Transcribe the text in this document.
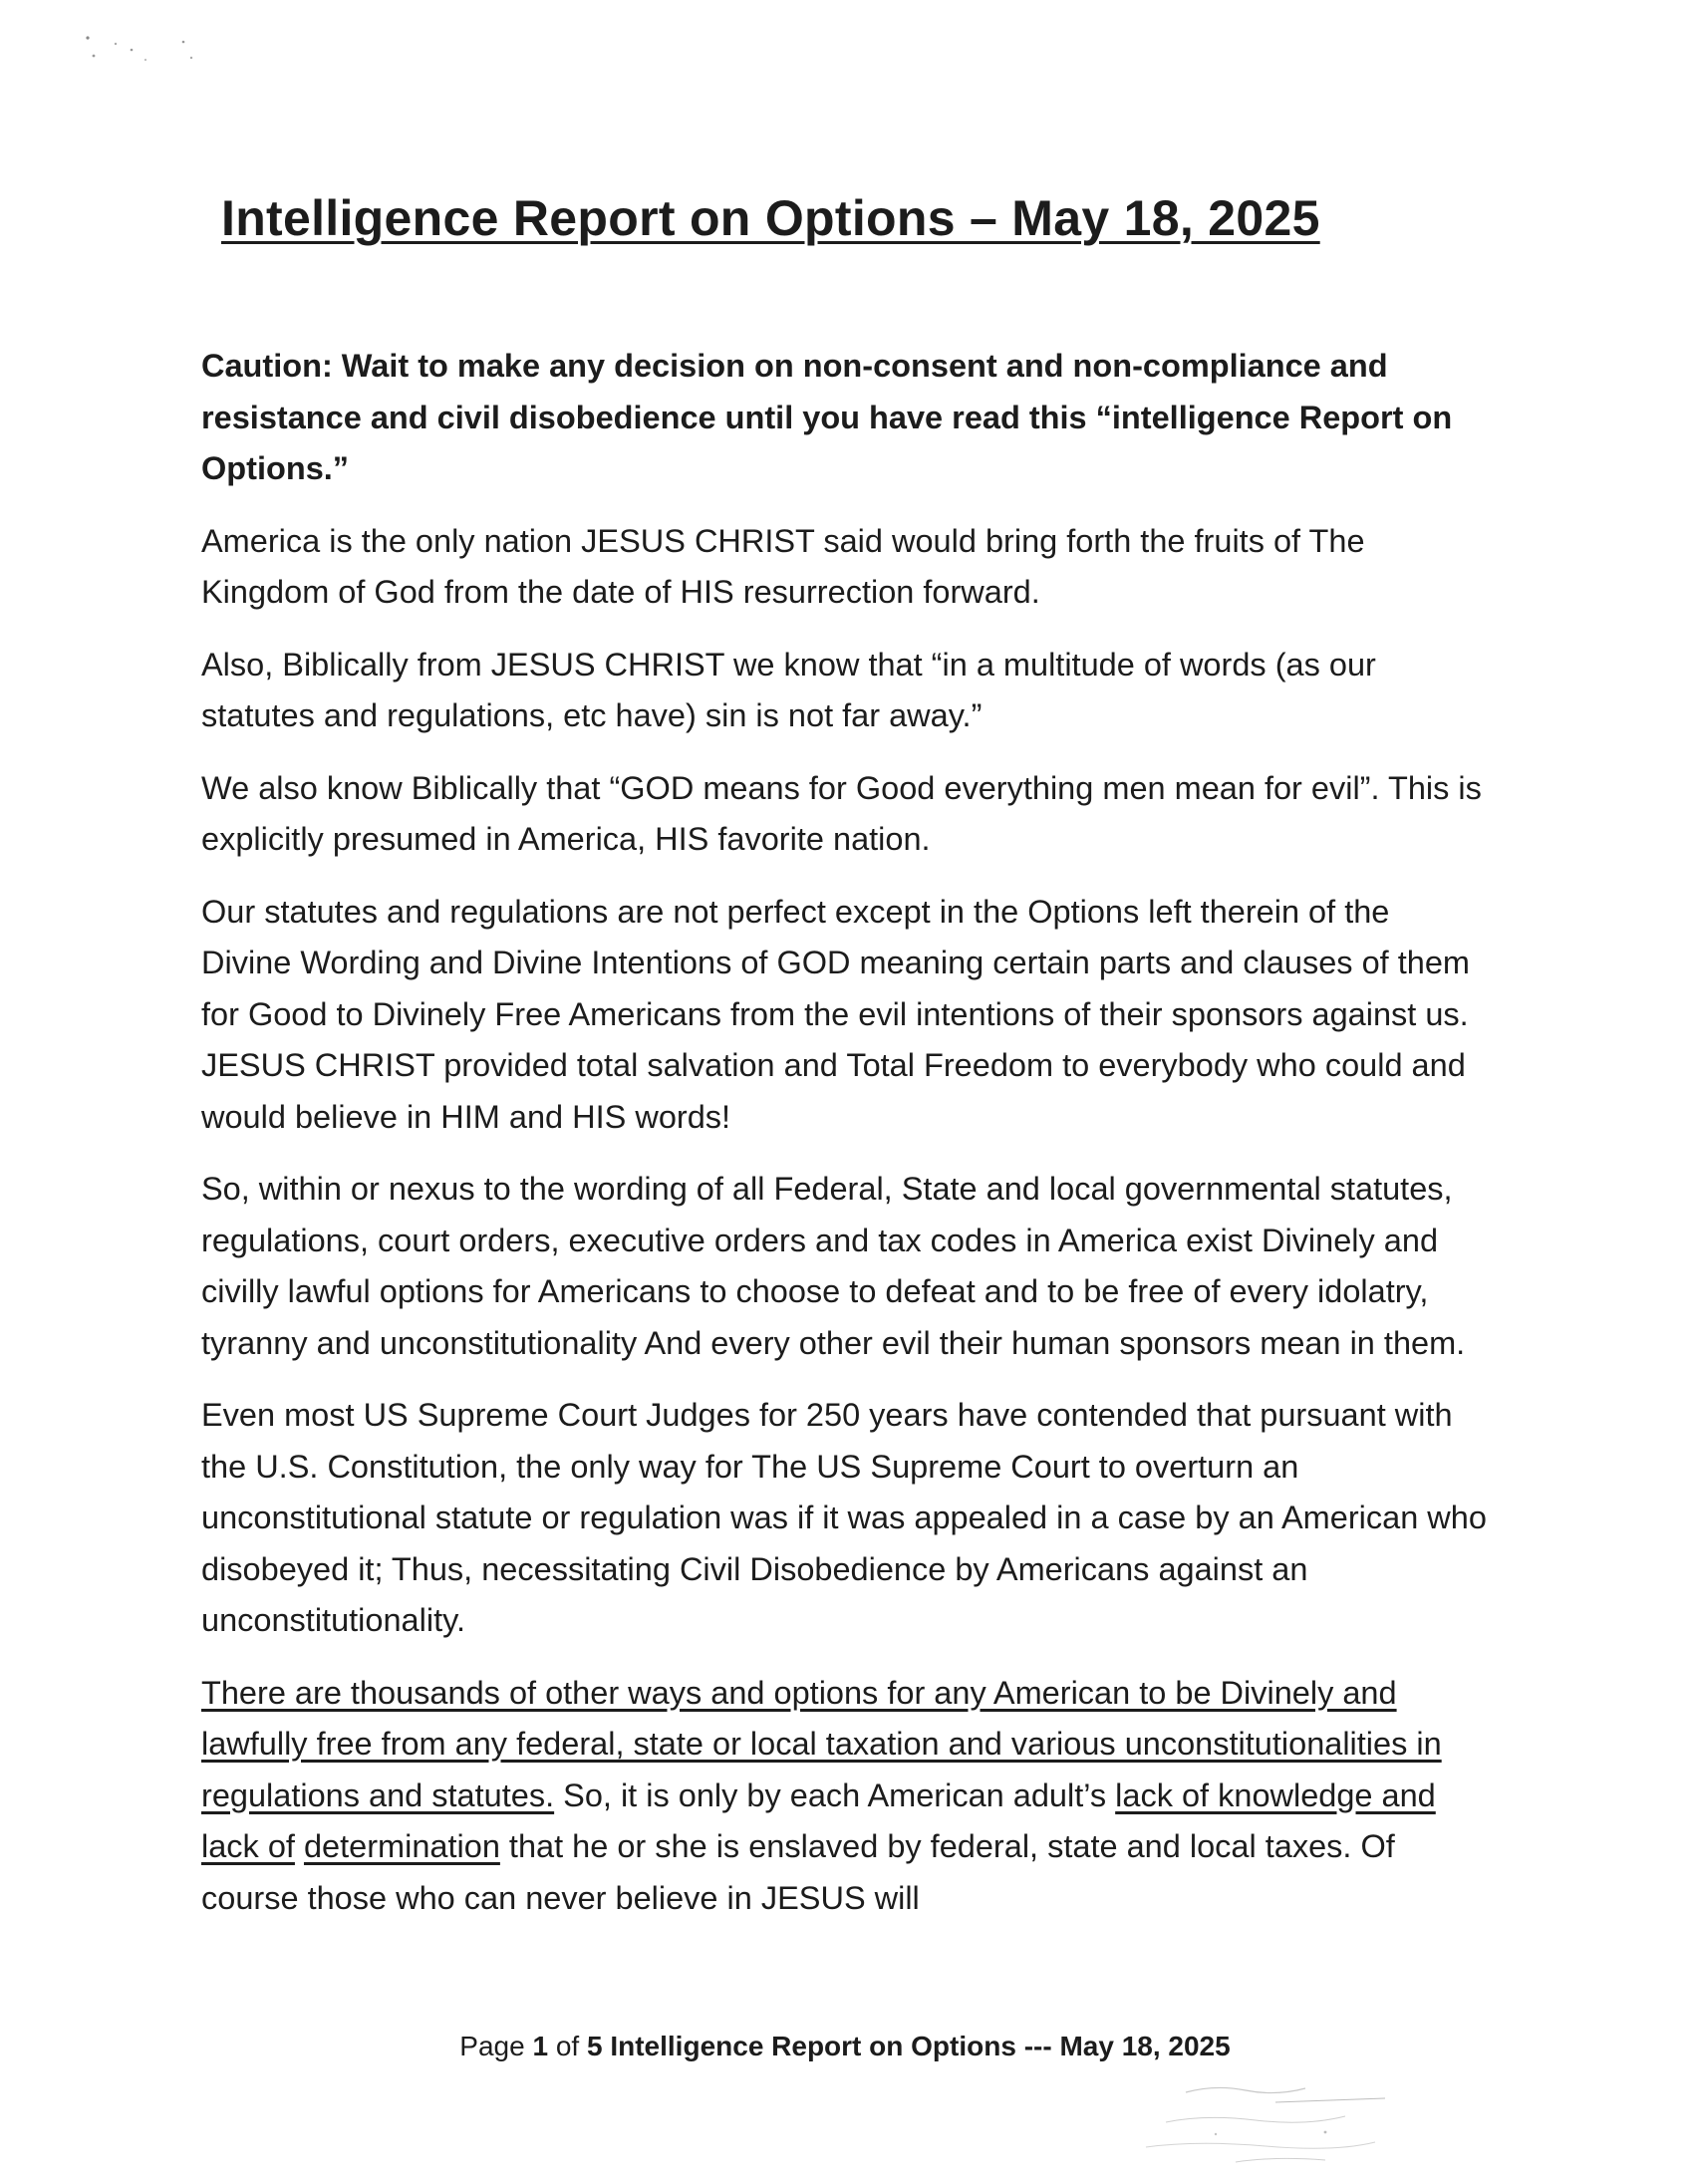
Intelligence Report on Options – May 18, 2025

Caution: Wait to make any decision on non-consent and non-compliance and resistance and civil disobedience until you have read this “intelligence Report on Options.”

America is the only nation JESUS CHRIST said would bring forth the fruits of The Kingdom of God from the date of HIS resurrection forward.

Also, Biblically from JESUS CHRIST we know that “in a multitude of words (as our statutes and regulations, etc have) sin is not far away.”

We also know Biblically that “GOD means for Good everything men mean for evil”. This is explicitly presumed in America, HIS favorite nation.

Our statutes and regulations are not perfect except in the Options left therein of the Divine Wording and Divine Intentions of GOD meaning certain parts and clauses of them for Good to Divinely Free Americans from the evil intentions of their sponsors against us. JESUS CHRIST provided total salvation and Total Freedom to everybody who could and would believe in HIM and HIS words!

So, within or nexus to the wording of all Federal, State and local governmental statutes, regulations, court orders, executive orders and tax codes in America exist Divinely and civilly lawful options for Americans to choose to defeat and to be free of every idolatry, tyranny and unconstitutionality And every other evil their human sponsors mean in them.

Even most US Supreme Court Judges for 250 years have contended that pursuant with the U.S. Constitution, the only way for The US Supreme Court to overturn an unconstitutional statute or regulation was if it was appealed in a case by an American who disobeyed it; Thus, necessitating Civil Disobedience by Americans against an unconstitutionality.

There are thousands of other ways and options for any American to be Divinely and lawfully free from any federal, state or local taxation and various unconstitutionalities in regulations and statutes. So, it is only by each American adult’s lack of knowledge and lack of determination that he or she is enslaved by federal, state and local taxes. Of course those who can never believe in JESUS will

Page 1 of 5 Intelligence Report on Options --- May 18, 2025
